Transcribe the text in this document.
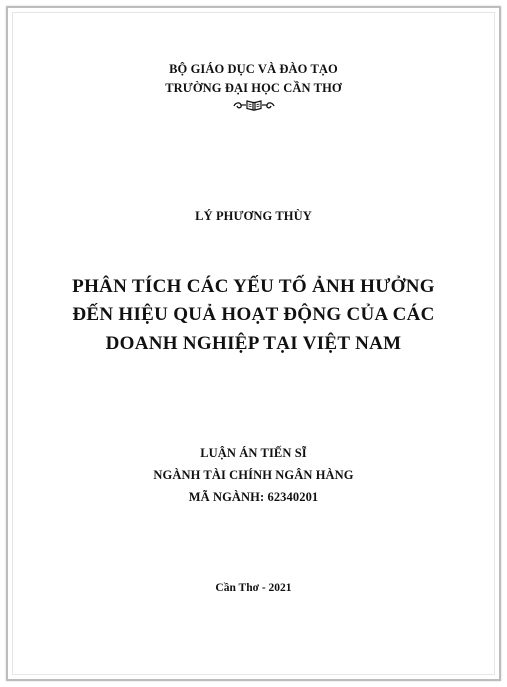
BỘ GIÁO DỤC VÀ ĐÀO TẠO
TRƯỜNG ĐẠI HỌC CẦN THƠ
LÝ PHƯƠNG THÙY
PHÂN TÍCH CÁC YẾU TỐ ẢNH HƯỞNG
ĐẾN HIỆU QUẢ HOẠT ĐỘNG CỦA CÁC
DOANH NGHIỆP TẠI VIỆT NAM
LUẬN ÁN TIẾN SĨ
NGÀNH TÀI CHÍNH NGÂN HÀNG
MÃ NGÀNH: 62340201
Cần Thơ - 2021
